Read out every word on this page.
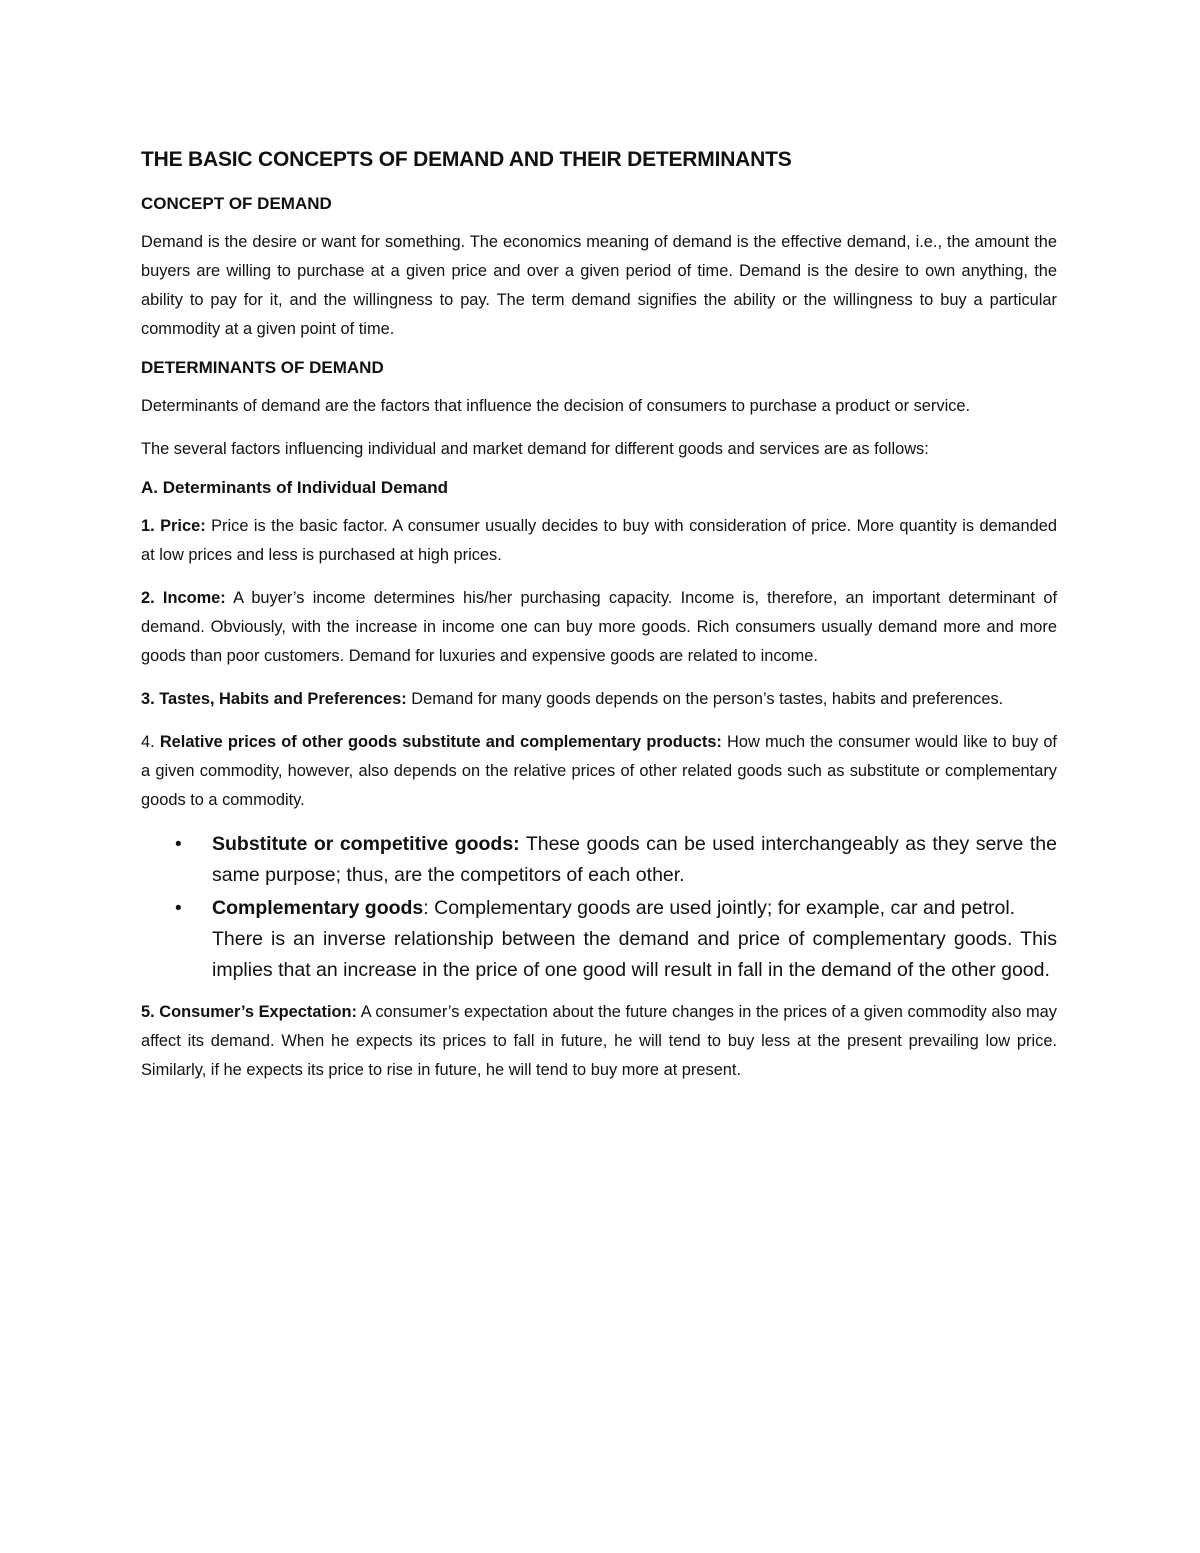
THE BASIC CONCEPTS OF DEMAND AND THEIR DETERMINANTS
CONCEPT OF DEMAND

Demand is the desire or want for something. The economics meaning of demand is the effective demand, i.e., the amount the buyers are willing to purchase at a given price and over a given period of time. Demand is the desire to own anything, the ability to pay for it, and the willingness to pay. The term demand signifies the ability or the willingness to buy a particular commodity at a given point of time.

DETERMINANTS OF DEMAND

Determinants of demand are the factors that influence the decision of consumers to purchase a product or service.

The several factors influencing individual and market demand for different goods and services are as follows:

A. Determinants of Individual Demand

1. Price: Price is the basic factor. A consumer usually decides to buy with consideration of price. More quantity is demanded at low prices and less is purchased at high prices.

2. Income: A buyer’s income determines his/her purchasing capacity. Income is, therefore, an important determinant of demand. Obviously, with the increase in income one can buy more goods. Rich consumers usually demand more and more goods than poor customers. Demand for luxuries and expensive goods are related to income.

3. Tastes, Habits and Preferences: Demand for many goods depends on the person’s tastes, habits and preferences.

4. Relative prices of other goods substitute and complementary products: How much the consumer would like to buy of a given commodity, however, also depends on the relative prices of other related goods such as substitute or complementary goods to a commodity.

• Substitute or competitive goods: These goods can be used interchangeably as they serve the same purpose; thus, are the competitors of each other.
• Complementary goods: Complementary goods are used jointly; for example, car and petrol.
There is an inverse relationship between the demand and price of complementary goods. This implies that an increase in the price of one good will result in fall in the demand of the other good.

5. Consumer’s Expectation: A consumer’s expectation about the future changes in the prices of a given commodity also may affect its demand. When he expects its prices to fall in future, he will tend to buy less at the present prevailing low price. Similarly, if he expects its price to rise in future, he will tend to buy more at present.
